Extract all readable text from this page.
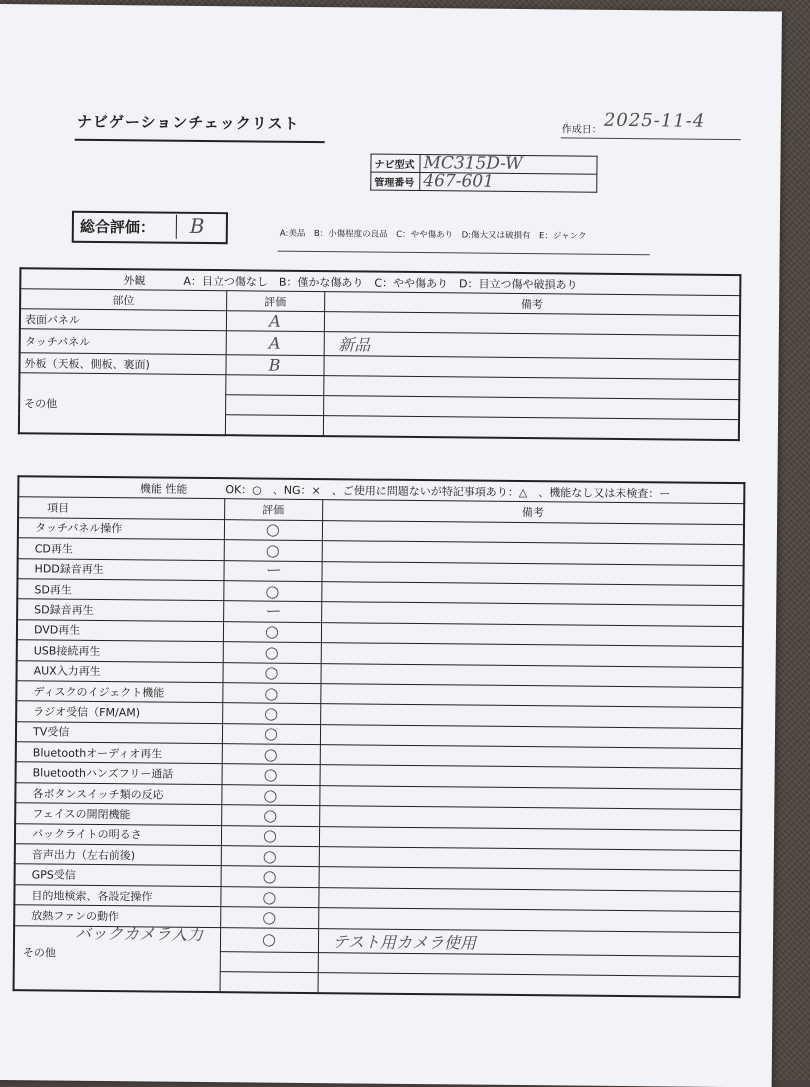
ナビゲーションチェックリスト	作成日： 2025-11-4
ナビ型式	MC315D-W
管理番号	467-601
総合評価： B	A:美品　B：小傷程度の良品　C：やや傷あり　D:傷大又は破損有　E：ジャンク
外観 A：目立つ傷なし　B：僅かな傷あり　C：やや傷あり　D：目立つ傷や破損あり		
部位	評価	備考
表面パネル	A	
タッチパネル	A	新品
外板（天板、側板、裏面)	B	
その他		

機能 性能 OK：○　、NG：×　、ご使用に問題ないが特記事項あり：△　、機能なし又は未検査：ー		
項目	評価	備考
タッチパネル操作	○	
CD再生	○	
HDD録音再生	ー	
SD再生	○	
SD録音再生	ー	
DVD再生	○	
USB接続再生	○	
AUX入力再生	○	
ディスクのイジェクト機能	○	
ラジオ受信（FM/AM)	○	
TV受信	○	
Bluetoothオーディオ再生	○	
Bluetoothハンズフリー通話	○	
各ボタンスイッチ類の反応	○	
フェイスの開閉機能	○	
バックライトの明るさ	○	
音声出力（左右前後)	○	
GPS受信	○	
目的地検索、各設定操作	○	
放熱ファンの動作	○	

その他
バックカメラ入力	○	テスト用カメラ使用
